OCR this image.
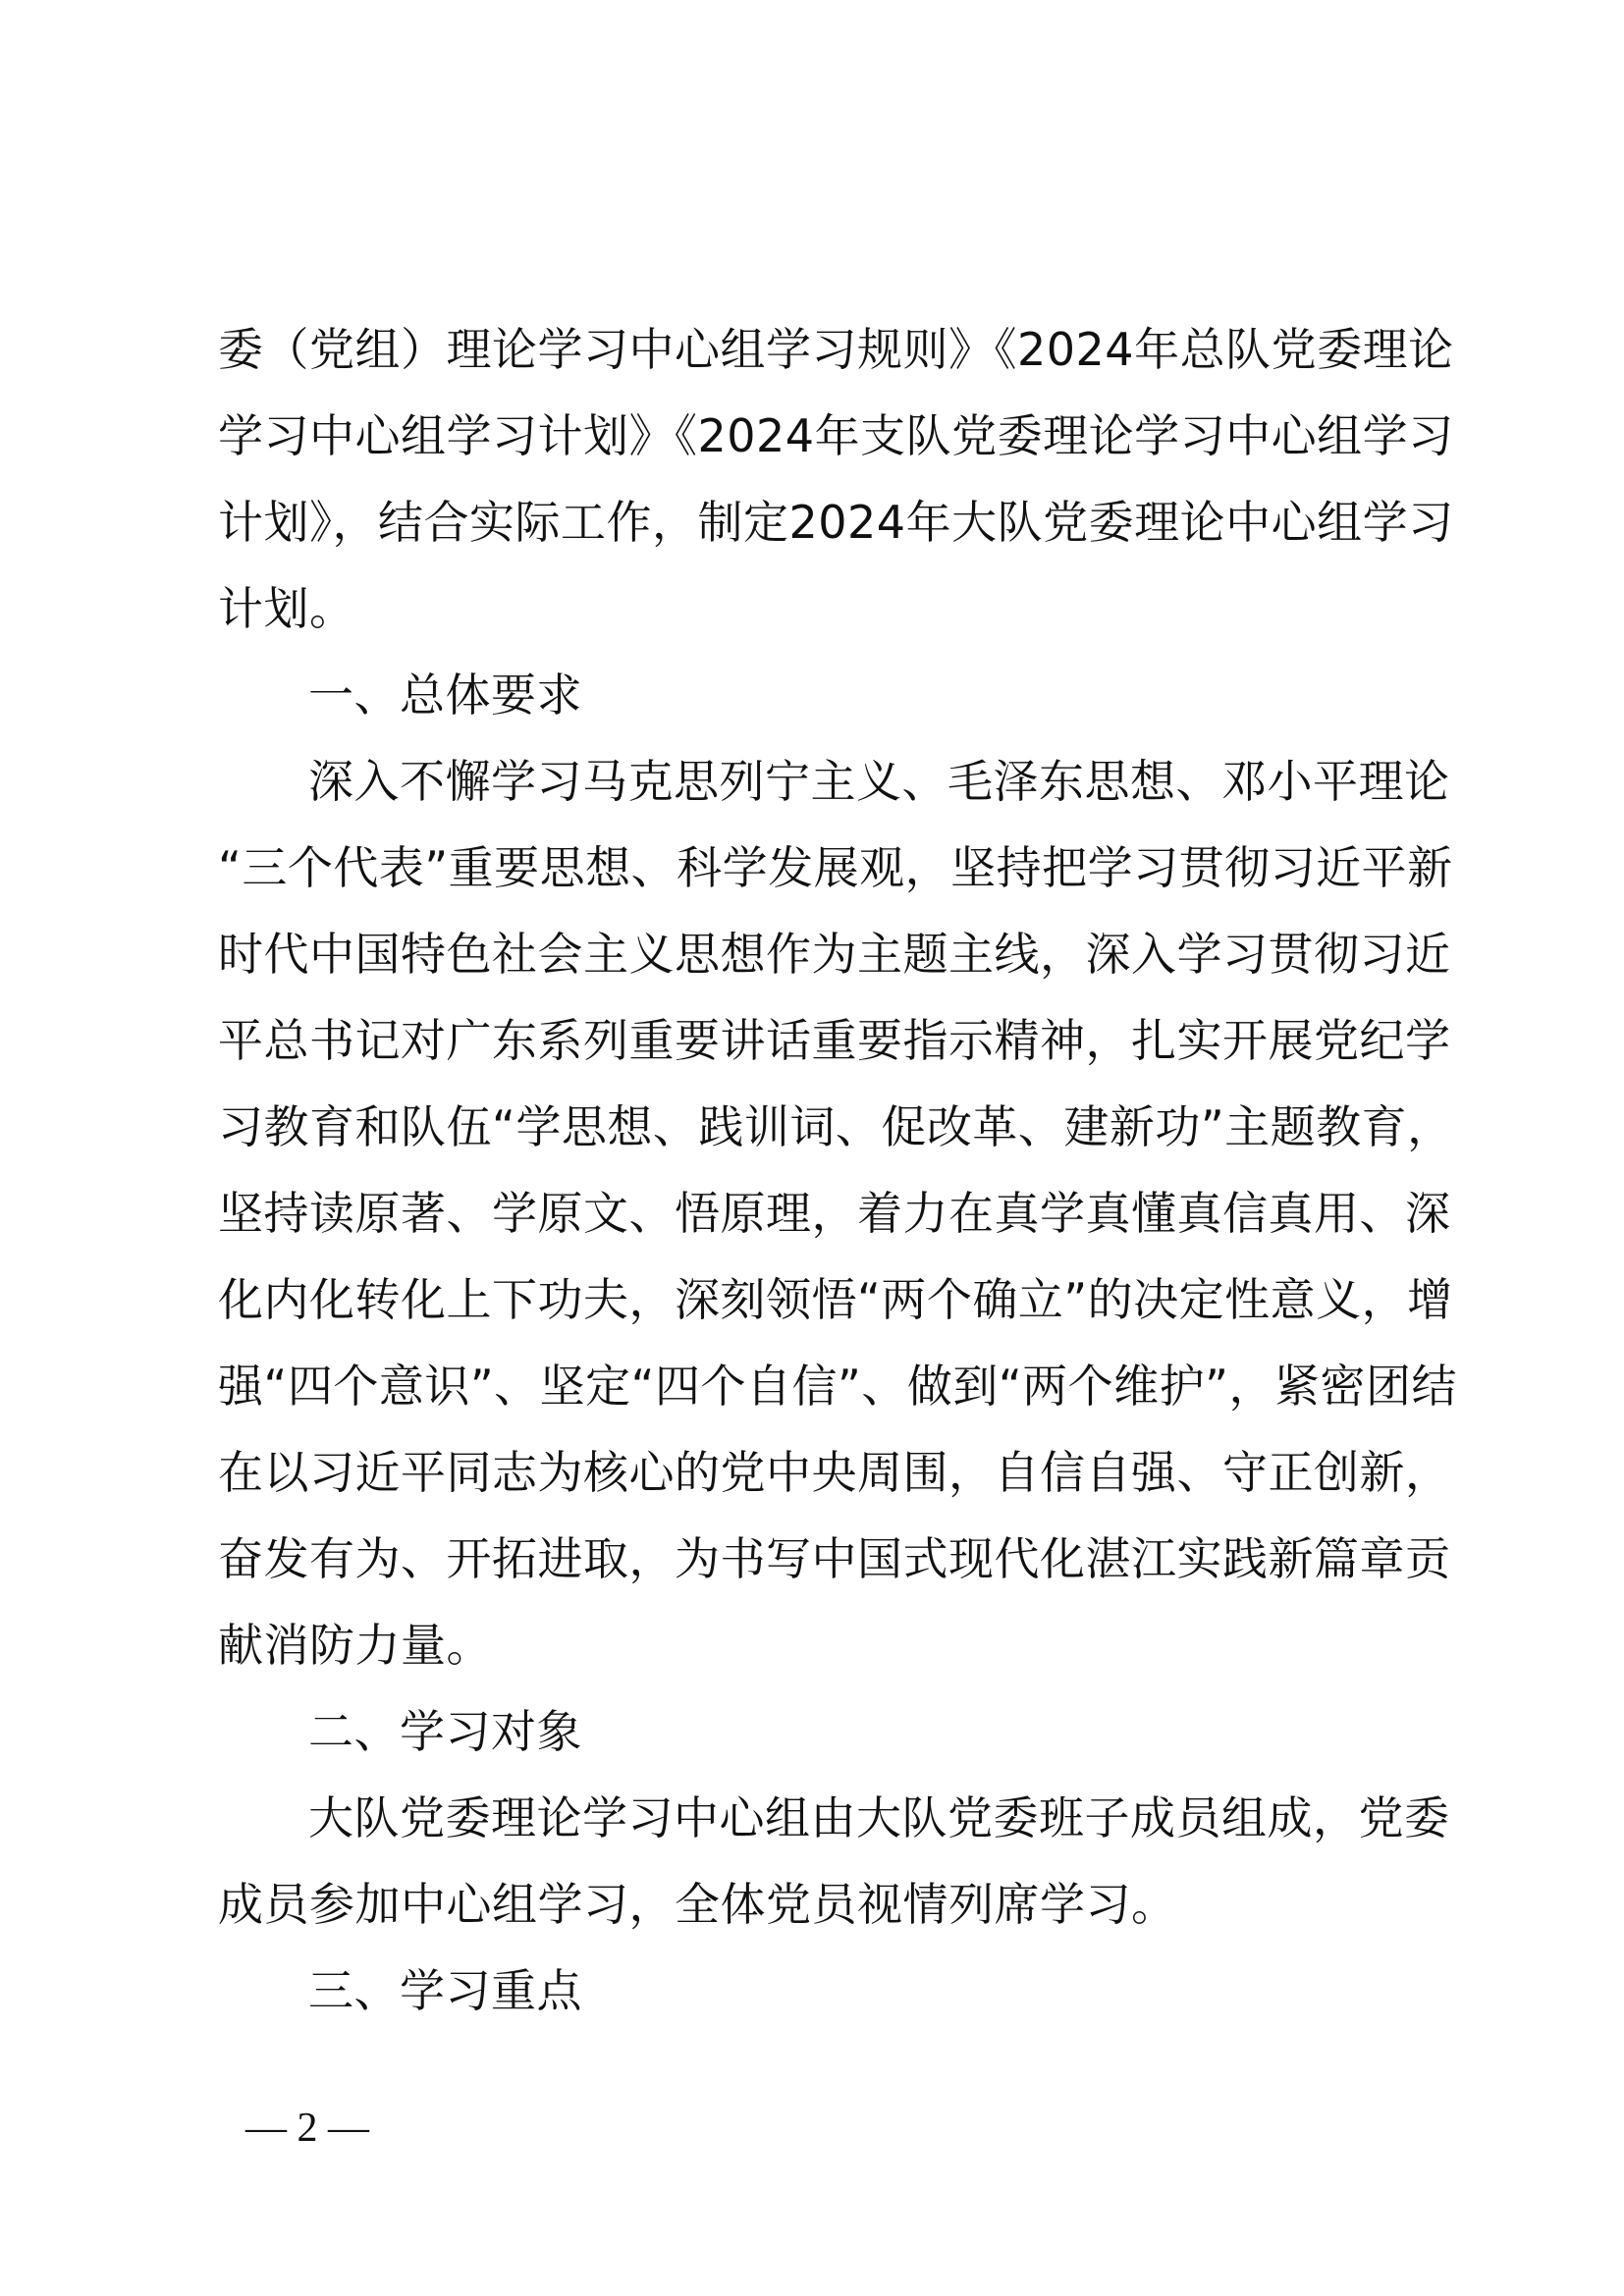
委（党组）理论学习中心组学习规则》《2024年总队党委理论
学习中心组学习计划》《2024年支队党委理论学习中心组学习
计划》，结合实际工作，制定2024年大队党委理论中心组学习
计划。
一、总体要求
深入不懈学习马克思列宁主义、毛泽东思想、邓小平理论
“三个代表”重要思想、科学发展观，坚持把学习贯彻习近平新
时代中国特色社会主义思想作为主题主线，深入学习贯彻习近
平总书记对广东系列重要讲话重要指示精神，扎实开展党纪学
习教育和队伍“学思想、践训词、促改革、建新功”主题教育，
坚持读原著、学原文、悟原理，着力在真学真懂真信真用、深
化内化转化上下功夫，深刻领悟“两个确立”的决定性意义，增
强“四个意识”、坚定“四个自信”、做到“两个维护”，紧密团结
在以习近平同志为核心的党中央周围，自信自强、守正创新，
奋发有为、开拓进取，为书写中国式现代化湛江实践新篇章贡
献消防力量。
二、学习对象
大队党委理论学习中心组由大队党委班子成员组成，党委
成员参加中心组学习，全体党员视情列席学习。
三、学习重点
— 2 —
